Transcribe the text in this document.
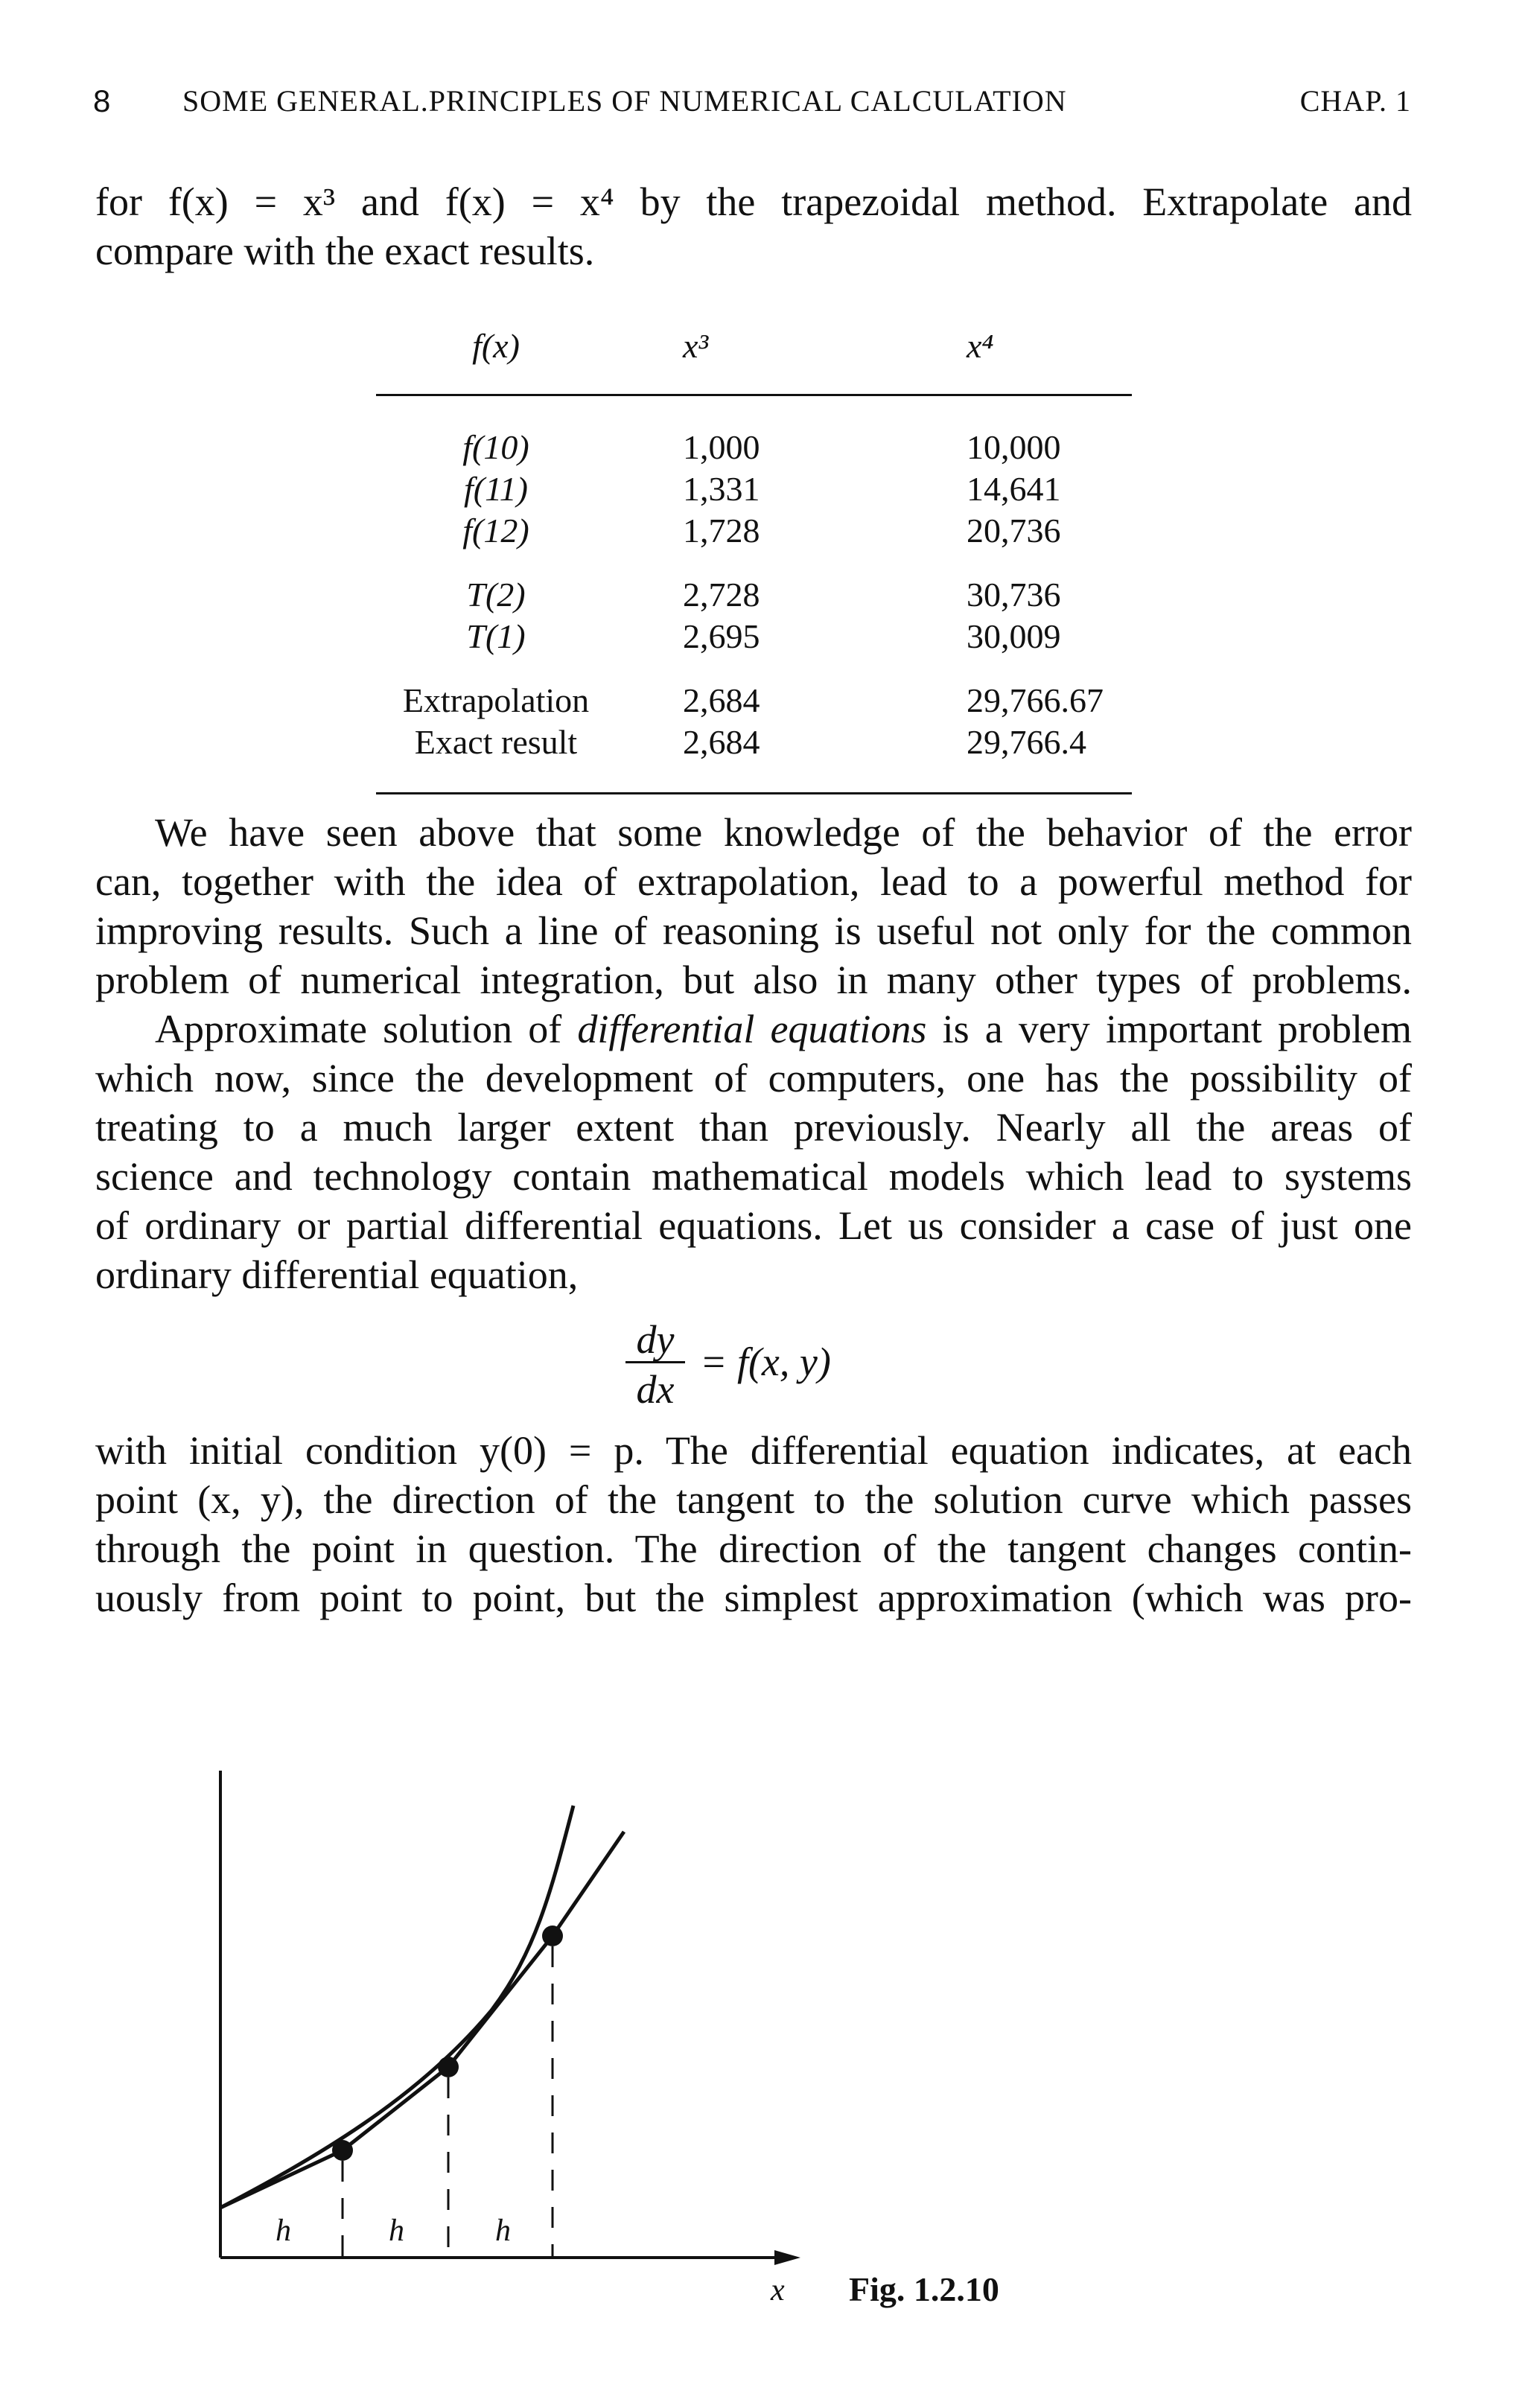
8 SOME GENERAL.PRINCIPLES OF NUMERICAL CALCULATION	CHAP. 1
for f(x) = x³ and f(x) = x⁴ by the trapezoidal method. Extrapolate and
compare with the exact results.
f(x)	x³	x⁴
f(10)	1,000	10,000
f(11)	1,331	14,641
f(12)	1,728	20,736
T(2)	2,728	30,736
T(1)	2,695	30,009
Extrapolation	2,684	29,766.67
Exact result	2,684	29,766.4
We have seen above that some knowledge of the behavior of the error
can, together with the idea of extrapolation, lead to a powerful method for
improving results. Such a line of reasoning is useful not only for the common
problem of numerical integration, but also in many other types of problems.
Approximate solution of differential equations is a very important problem
which now, since the development of computers, one has the possibility of
treating to a much larger extent than previously. Nearly all the areas of
science and technology contain mathematical models which lead to systems
of ordinary or partial differential equations. Let us consider a case of just one
ordinary differential equation,
dy
dx
= f(x, y)
with initial condition y(0) = p. The differential equation indicates, at each
point (x, y), the direction of the tangent to the solution curve which passes
through the point in question. The direction of the tangent changes contin-
uously from point to point, but the simplest approximation (which was pro-
h	h	h
x Fig. 1.2.10
